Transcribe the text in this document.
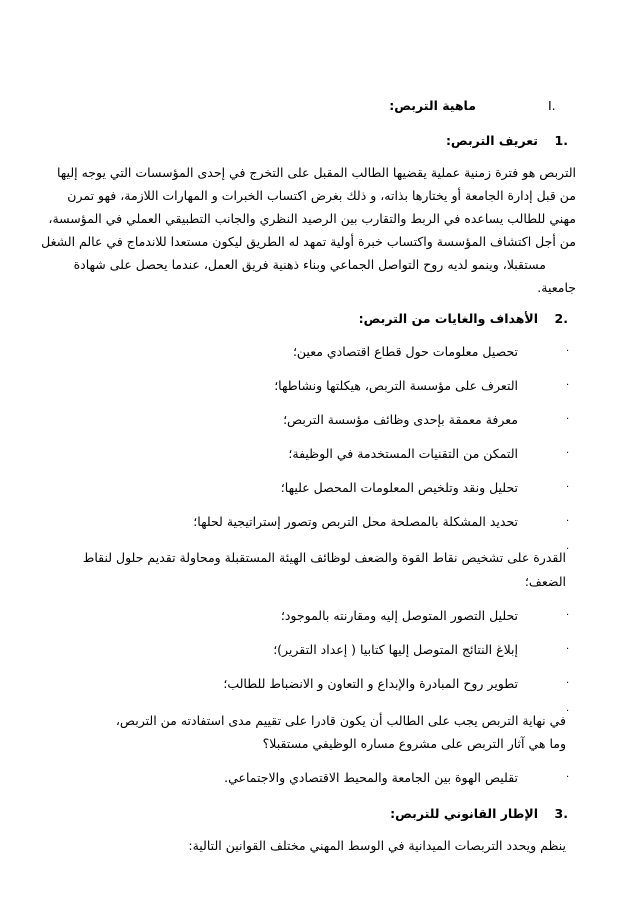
I.
ماهية التربص:
.1
تعريف التربص:
التربص هو فترة زمنية عملية يقضيها الطالب المقبل على التخرج في إحدى المؤسسات التي يوجه إليها
من قبل إدارة الجامعة أو يختارها بذاته، و ذلك بغرض اكتساب الخبرات و المهارات اللازمة، فهو تمرن
مهني للطالب يساعده في الربط والتقارب بين الرصيد النظري والجانب التطبيقي العملي في المؤسسة،
من أجل اكتشاف المؤسسة واكتساب خبرة أولية تمهد له الطريق ليكون مستعدا للاندماج في عالم الشغل
مستقبلا، وينمو لديه روح التواصل الجماعي وبناء ذهنية فريق العمل، عندما يحصل على شهادة
جامعية.
.2
الأهداف والغايات من التربص:
·
تحصيل معلومات حول قطاع اقتصادي معين؛
·
التعرف على مؤسسة التربص، هيكلتها ونشاطها؛
·
معرفة معمقة بإحدى وظائف مؤسسة التربص؛
·
التمكن من التقنيات المستخدمة في الوظيفة؛
·
تحليل ونقد وتلخيص المعلومات المحصل عليها؛
·
تحديد المشكلة بالمصلحة محل التربص وتصور إستراتيجية لحلها؛
·
القدرة على تشخيص نقاط القوة والضعف لوظائف الهيئة المستقبلة ومحاولة تقديم حلول لنقاط
الضعف؛
·
تحليل التصور المتوصل إليه ومقارنته بالموجود؛
·
إبلاغ النتائج المتوصل إليها كتابيا ( إعداد التقرير)؛
·
تطوير روح المبادرة والإبداع و التعاون و الانضباط للطالب؛
·
في نهاية التربص يجب على الطالب أن يكون قادرا على تقييم مدى استفادته من التربص،
وما هي آثار التربص على مشروع مساره الوظيفي مستقبلا؟
·
تقليص الهوة بين الجامعة والمحيط الاقتصادي والاجتماعي.
.3
الإطار القانوني للتربص:
ينظم ويحدد التربصات الميدانية في الوسط المهني مختلف القوانين التالية:
